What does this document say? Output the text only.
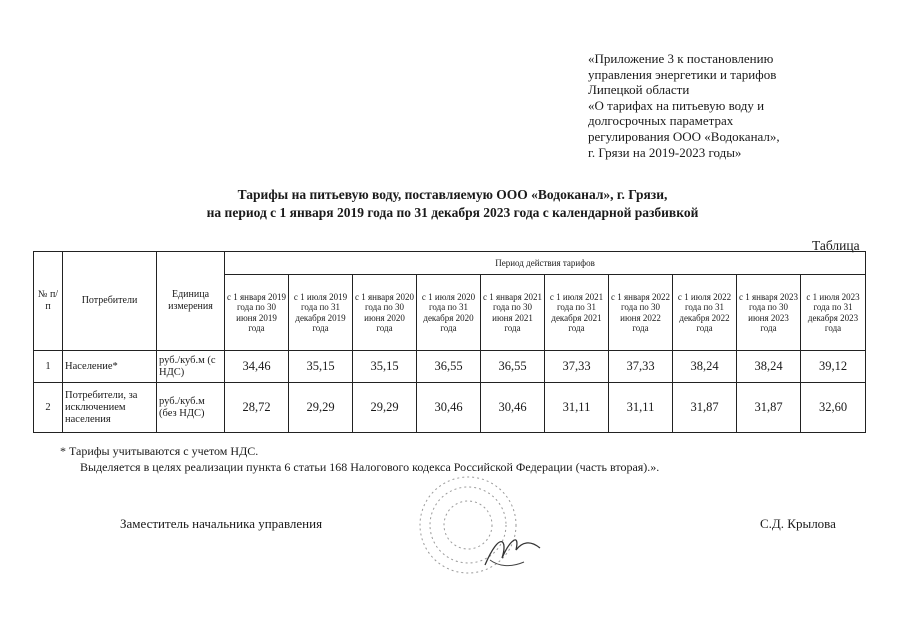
«Приложение 3 к постановлению
управления энергетики и тарифов
Липецкой области
«О тарифах на питьевую воду и
долгосрочных параметрах
регулирования ООО «Водоканал»,
г. Грязи на 2019-2023 годы»
Тарифы на питьевую воду, поставляемую ООО «Водоканал», г. Грязи,
на период с 1 января 2019 года по 31 декабря 2023 года с календарной разбивкой
Таблица
№ п/п	Потребители	Единица измерения	Период действия тарифов									
			с 1 января 2019 года по 30 июня 2019 года	с 1 июля 2019 года по 31 декабря 2019 года	с 1 января 2020 года по 30 июня 2020 года	с 1 июля 2020 года по 31 декабря 2020 года	с 1 января 2021 года по 30 июня 2021 года	с 1 июля 2021 года по 31 декабря 2021 года	с 1 января 2022 года по 30 июня 2022 года	с 1 июля 2022 года по 31 декабря 2022 года	с 1 января 2023 года по 30 июня 2023 года	с 1 июля 2023 года по 31 декабря 2023 года
1	Население*	руб./куб.м (с НДС)	34,46	35,15	35,15	36,55	36,55	37,33	37,33	38,24	38,24	39,12
2	Потребители, за исключением населения	руб./куб.м (без НДС)	28,72	29,29	29,29	30,46	30,46	31,11	31,11	31,87	31,87	32,60
* Тарифы учитываются с учетом НДС.
Выделяется в целях реализации пункта 6 статьи 168 Налогового кодекса Российской Федерации (часть вторая).».
Заместитель начальника управления	С.Д. Крылова
